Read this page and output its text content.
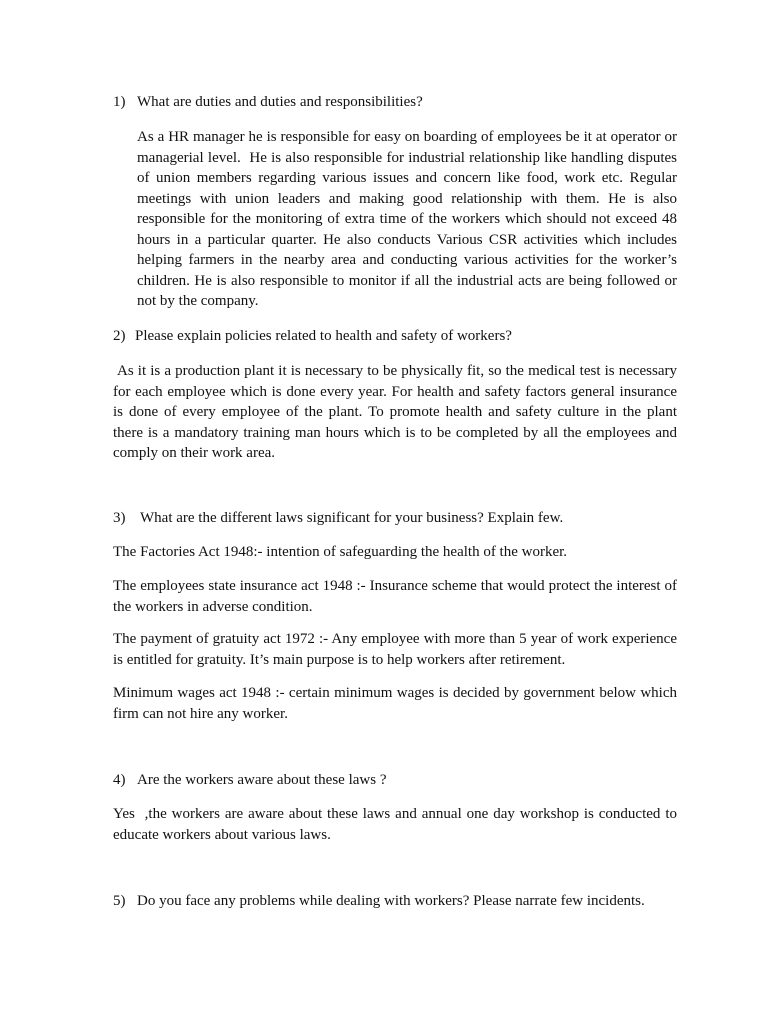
1) What are duties and duties and responsibilities?
As a HR manager he is responsible for easy on boarding of employees be it at operator or
managerial level.  He is also responsible for industrial relationship like handling disputes
of union members regarding various issues and concern like food, work etc. Regular
meetings with union leaders and making good relationship with them. He is also
responsible for the monitoring of extra time of the workers which should not exceed 48
hours in a particular quarter. He also conducts Various CSR activities which includes
helping farmers in the nearby area and conducting various activities for the worker’s
children. He is also responsible to monitor if all the industrial acts are being followed or
not by the company.
2) Please explain policies related to health and safety of workers?
As it is a production plant it is necessary to be physically fit, so the medical test is necessary
for each employee which is done every year. For health and safety factors general insurance
is done of every employee of the plant. To promote health and safety culture in the plant
there is a mandatory training man hours which is to be completed by all the employees and
comply on their work area.
3) What are the different laws significant for your business? Explain few.
The Factories Act 1948:- intention of safeguarding the health of the worker.
The employees state insurance act 1948 :- Insurance scheme that would protect the interest of
the workers in adverse condition.
The payment of gratuity act 1972 :- Any employee with more than 5 year of work experience
is entitled for gratuity. It’s main purpose is to help workers after retirement.
Minimum wages act 1948 :- certain minimum wages is decided by government below which
firm can not hire any worker.
4) Are the workers aware about these laws ?
Yes  ,the workers are aware about these laws and annual one day workshop is conducted to
educate workers about various laws.
5) Do you face any problems while dealing with workers? Please narrate few incidents.
